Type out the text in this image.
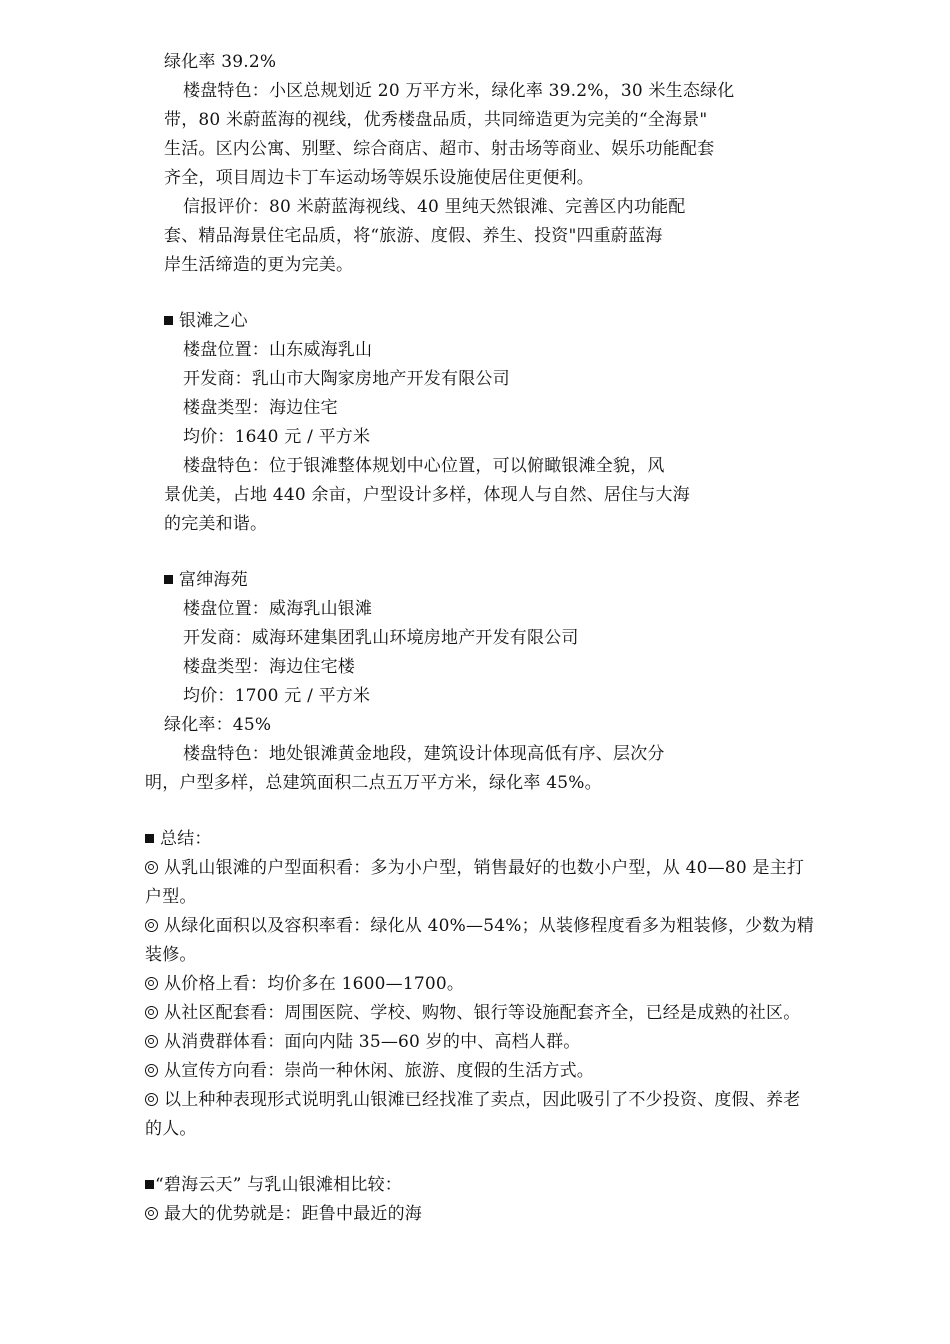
绿化率 39.2%
楼盘特色：小区总规划近 20 万平方米，绿化率 39.2%，30 米生态绿化
带，80 米蔚蓝海的视线，优秀楼盘品质，共同缔造更为完美的“全海景"
生活。区内公寓、别墅、综合商店、超市、射击场等商业、娱乐功能配套
齐全，项目周边卡丁车运动场等娱乐设施使居住更便利。
信报评价：80 米蔚蓝海视线、40 里纯天然银滩、完善区内功能配
套、精品海景住宅品质，将“旅游、度假、养生、投资"四重蔚蓝海
岸生活缔造的更为完美。
银滩之心
楼盘位置：山东威海乳山
开发商：乳山市大陶家房地产开发有限公司
楼盘类型：海边住宅
均价：1640 元 / 平方米
楼盘特色：位于银滩整体规划中心位置，可以俯瞰银滩全貌，风
景优美，占地 440 余亩，户型设计多样，体现人与自然、居住与大海
的完美和谐。
富绅海苑
楼盘位置：威海乳山银滩
开发商：威海环建集团乳山环境房地产开发有限公司
楼盘类型：海边住宅楼
均价：1700 元 / 平方米
绿化率：45%
楼盘特色：地处银滩黄金地段，建筑设计体现高低有序、层次分
明，户型多样，总建筑面积二点五万平方米，绿化率 45%。
总结：
从乳山银滩的户型面积看：多为小户型，销售最好的也数小户型，从 40—80 是主打
户型。
从绿化面积以及容积率看：绿化从 40%—54%；从装修程度看多为粗装修，少数为精
装修。
从价格上看：均价多在 1600—1700。
从社区配套看：周围医院、学校、购物、银行等设施配套齐全，已经是成熟的社区。
从消费群体看：面向内陆 35—60 岁的中、高档人群。
从宣传方向看：崇尚一种休闲、旅游、度假的生活方式。
以上种种表现形式说明乳山银滩已经找准了卖点，因此吸引了不少投资、度假、养老
的人。
“碧海云天” 与乳山银滩相比较：
最大的优势就是：距鲁中最近的海
